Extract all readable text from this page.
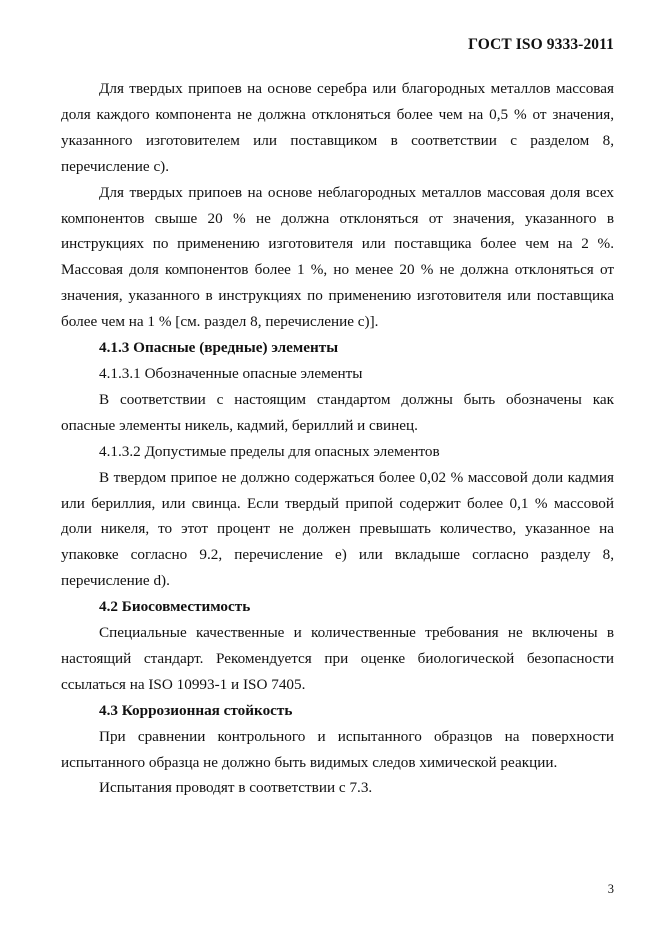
ГОСТ ISO 9333-2011

Для твердых припоев на основе серебра или благородных металлов массовая доля каждого компонента не должна отклоняться более чем на 0,5 % от значения, указанного изготовителем или поставщиком в соответствии с разделом 8, перечисление с).

Для твердых припоев на основе неблагородных металлов массовая доля всех компонентов свыше 20 % не должна отклоняться от значения, указанного в инструкциях по применению изготовителя или поставщика более чем на 2 %. Массовая доля компонентов более 1 %, но менее 20 % не должна отклоняться от значения, указанного в инструкциях по применению изготовителя или поставщика более чем на 1 % [см. раздел 8, перечисление с)].

4.1.3 Опасные (вредные) элементы

4.1.3.1 Обозначенные опасные элементы

В соответствии с настоящим стандартом должны быть обозначены как опасные элементы никель, кадмий, бериллий и свинец.

4.1.3.2 Допустимые пределы для опасных элементов

В твердом припое не должно содержаться более 0,02 % массовой доли кадмия или бериллия, или свинца. Если твердый припой содержит более 0,1 % массовой доли никеля, то этот процент не должен превышать количество, указанное на упаковке согласно 9.2, перечисление е) или вкладыше согласно разделу 8, перечисление d).

4.2 Биосовместимость

Специальные качественные и количественные требования не включены в настоящий стандарт. Рекомендуется при оценке биологической безопасности ссылаться на ISO 10993-1 и ISO 7405.

4.3 Коррозионная стойкость

При сравнении контрольного и испытанного образцов на поверхности испытанного образца не должно быть видимых следов химической реакции.

Испытания проводят в соответствии с 7.3.

3
